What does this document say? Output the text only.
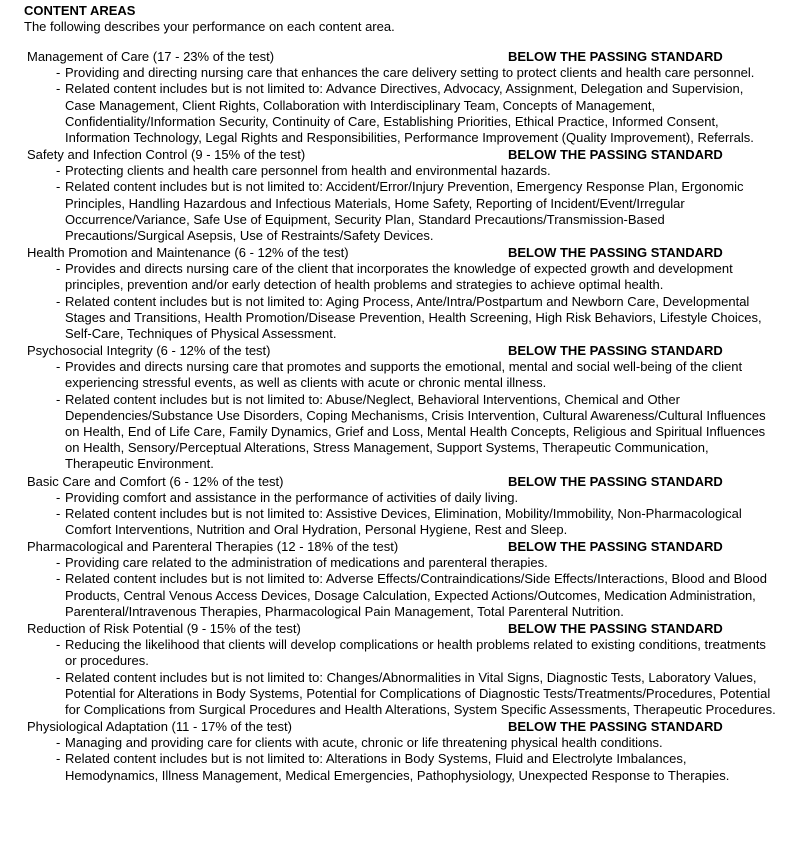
CONTENT AREAS
The following describes your performance on each content area.
Management of Care (17 - 23% of the test)	BELOW THE PASSING STANDARD
- Providing and directing nursing care that enhances the care delivery setting to protect clients and health care personnel.
- Related content includes but is not limited to: Advance Directives, Advocacy, Assignment, Delegation and Supervision, Case Management, Client Rights, Collaboration with Interdisciplinary Team, Concepts of Management, Confidentiality/Information Security, Continuity of Care, Establishing Priorities, Ethical Practice, Informed Consent, Information Technology, Legal Rights and Responsibilities, Performance Improvement (Quality Improvement), Referrals.
Safety and Infection Control (9 - 15% of the test)	BELOW THE PASSING STANDARD
- Protecting clients and health care personnel from health and environmental hazards.
- Related content includes but is not limited to: Accident/Error/Injury Prevention, Emergency Response Plan, Ergonomic Principles, Handling Hazardous and Infectious Materials, Home Safety, Reporting of Incident/Event/Irregular Occurrence/Variance, Safe Use of Equipment, Security Plan, Standard Precautions/Transmission-Based Precautions/Surgical Asepsis, Use of Restraints/Safety Devices.
Health Promotion and Maintenance (6 - 12% of the test)	BELOW THE PASSING STANDARD
- Provides and directs nursing care of the client that incorporates the knowledge of expected growth and development principles, prevention and/or early detection of health problems and strategies to achieve optimal health.
- Related content includes but is not limited to: Aging Process, Ante/Intra/Postpartum and Newborn Care, Developmental Stages and Transitions, Health Promotion/Disease Prevention, Health Screening, High Risk Behaviors, Lifestyle Choices, Self-Care, Techniques of Physical Assessment.
Psychosocial Integrity (6 - 12% of the test)	BELOW THE PASSING STANDARD
- Provides and directs nursing care that promotes and supports the emotional, mental and social well-being of the client experiencing stressful events, as well as clients with acute or chronic mental illness.
- Related content includes but is not limited to: Abuse/Neglect, Behavioral Interventions, Chemical and Other Dependencies/Substance Use Disorders, Coping Mechanisms, Crisis Intervention, Cultural Awareness/Cultural Influences on Health, End of Life Care, Family Dynamics, Grief and Loss, Mental Health Concepts, Religious and Spiritual Influences on Health, Sensory/Perceptual Alterations, Stress Management, Support Systems, Therapeutic Communication, Therapeutic Environment.
Basic Care and Comfort (6 - 12% of the test)	BELOW THE PASSING STANDARD
- Providing comfort and assistance in the performance of activities of daily living.
- Related content includes but is not limited to: Assistive Devices, Elimination, Mobility/Immobility, Non-Pharmacological Comfort Interventions, Nutrition and Oral Hydration, Personal Hygiene, Rest and Sleep.
Pharmacological and Parenteral Therapies (12 - 18% of the test)	BELOW THE PASSING STANDARD
- Providing care related to the administration of medications and parenteral therapies.
- Related content includes but is not limited to: Adverse Effects/Contraindications/Side Effects/Interactions, Blood and Blood Products, Central Venous Access Devices, Dosage Calculation, Expected Actions/Outcomes, Medication Administration, Parenteral/Intravenous Therapies, Pharmacological Pain Management, Total Parenteral Nutrition.
Reduction of Risk Potential (9 - 15% of the test)	BELOW THE PASSING STANDARD
- Reducing the likelihood that clients will develop complications or health problems related to existing conditions, treatments or procedures.
- Related content includes but is not limited to: Changes/Abnormalities in Vital Signs, Diagnostic Tests, Laboratory Values, Potential for Alterations in Body Systems, Potential for Complications of Diagnostic Tests/Treatments/Procedures, Potential for Complications from Surgical Procedures and Health Alterations, System Specific Assessments, Therapeutic Procedures.
Physiological Adaptation (11 - 17% of the test)	BELOW THE PASSING STANDARD
- Managing and providing care for clients with acute, chronic or life threatening physical health conditions.
- Related content includes but is not limited to: Alterations in Body Systems, Fluid and Electrolyte Imbalances, Hemodynamics, Illness Management, Medical Emergencies, Pathophysiology, Unexpected Response to Therapies.
